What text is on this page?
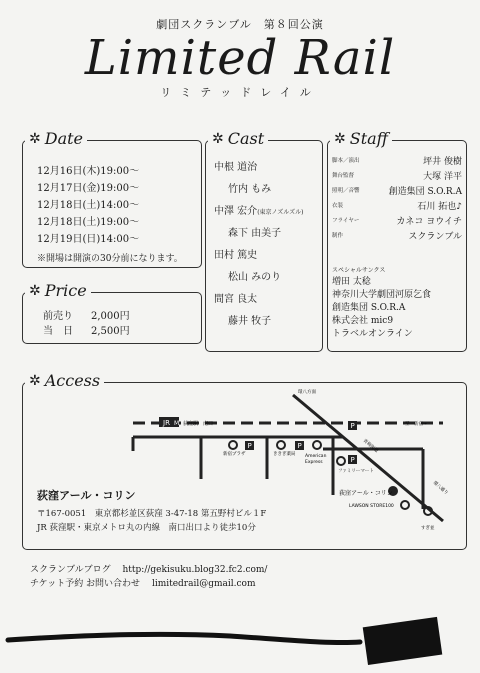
劇団スクランブル　第８回公演
Limited Rail
リミテッドレイル
✲ Date
12月16日(木)19:00～
12月17日(金)19:00～
12月18日(土)14:00～
12月18日(土)19:00～
12月19日(日)14:00～
※開場は開演の30分前になります。
✲ Price
前売り 2,000円
当　日 2,500円
✲ Cast
中根 道治
竹内 もみ
中澤 宏介(東京ノズルズル)
森下 由美子
田村 篤史
松山 みのり
間宮 良太
藤井 牧子
✲ Staff
脚本／演出	坪井 俊樹
舞台監督	大塚 洋平
照明／音響	創造集団 S.O.R.A
衣装	石川 拓也♪
フライヤー	カネコ ヨウイチ
制作	スクランブル
スペシャルサンクス
増田 太稔
神奈川大学劇団河原乞食
創造集団 S.O.R.A
株式会社 mic9
トラベルオンライン
✲ Access
JR M 荻窪駅　南口
新宿プラザ
P
ききぎ薬局
P
American
Express
P
P
ファミリーマート
環八方面
青梅街道
至　新宿→
すぎ並
環八通り
荻窪アール・コリン
LAWSON STORE100
荻窪アール・コリン
〒167-0051　東京都杉並区荻窪 3-47-18 第五野村ビル１F
JR 荻窪駅・東京メトロ丸の内線　南口出口より徒歩10分
スクランブルブログ　 http://gekisuku.blog32.fc2.com/
チケット予約 お問い合わせ　 limitedrail@gmail.com
